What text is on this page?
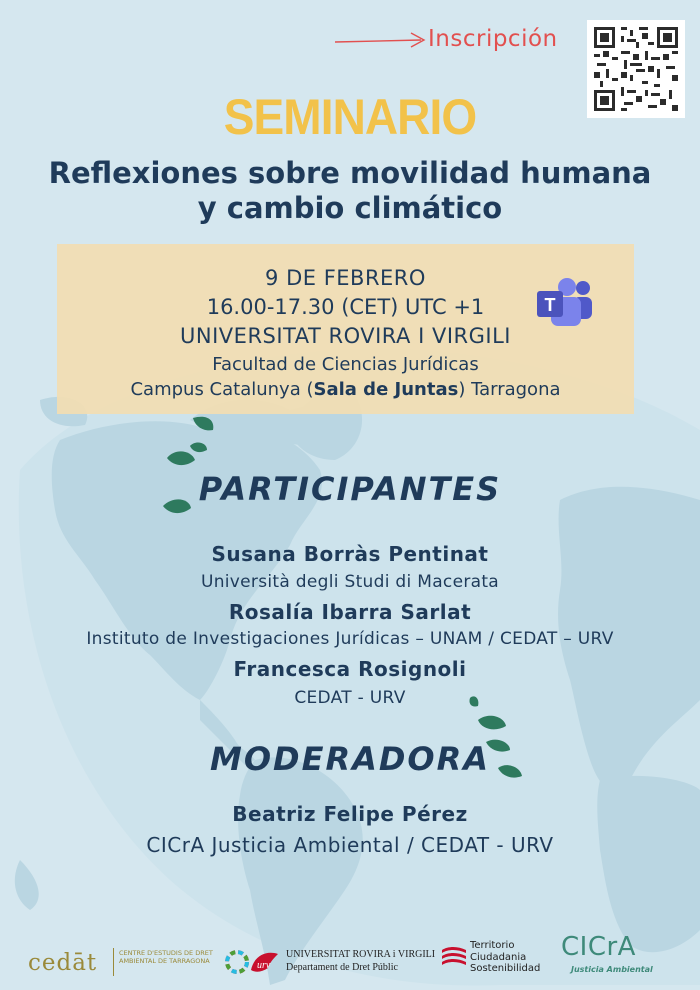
Inscripción
SEMINARIO
Reflexiones sobre movilidad humana
y cambio climático
9 DE FEBRERO
16.00-17.30 (CET) UTC +1
UNIVERSITAT ROVIRA I VIRGILI
Facultad de Ciencias Jurídicas
Campus Catalunya (Sala de Juntas) Tarragona
T
PARTICIPANTES
Susana Borràs Pentinat
Università degli Studi di Macerata
Rosalía Ibarra Sarlat
Instituto de Investigaciones Jurídicas – UNAM / CEDAT – URV
Francesca Rosignoli
CEDAT - URV
MODERADORA
Beatriz Felipe Pérez
CICrA Justicia Ambiental / CEDAT - URV
cedāt	CENTRE D'ESTUDIS DE DRET AMBIENTAL DE TARRAGONA	urv
UNIVERSITAT ROVIRA i VIRGILI
Departament de Dret Públic
Territorio
Ciudadania
Sostenibilidad
CICrA
Justicia Ambiental
